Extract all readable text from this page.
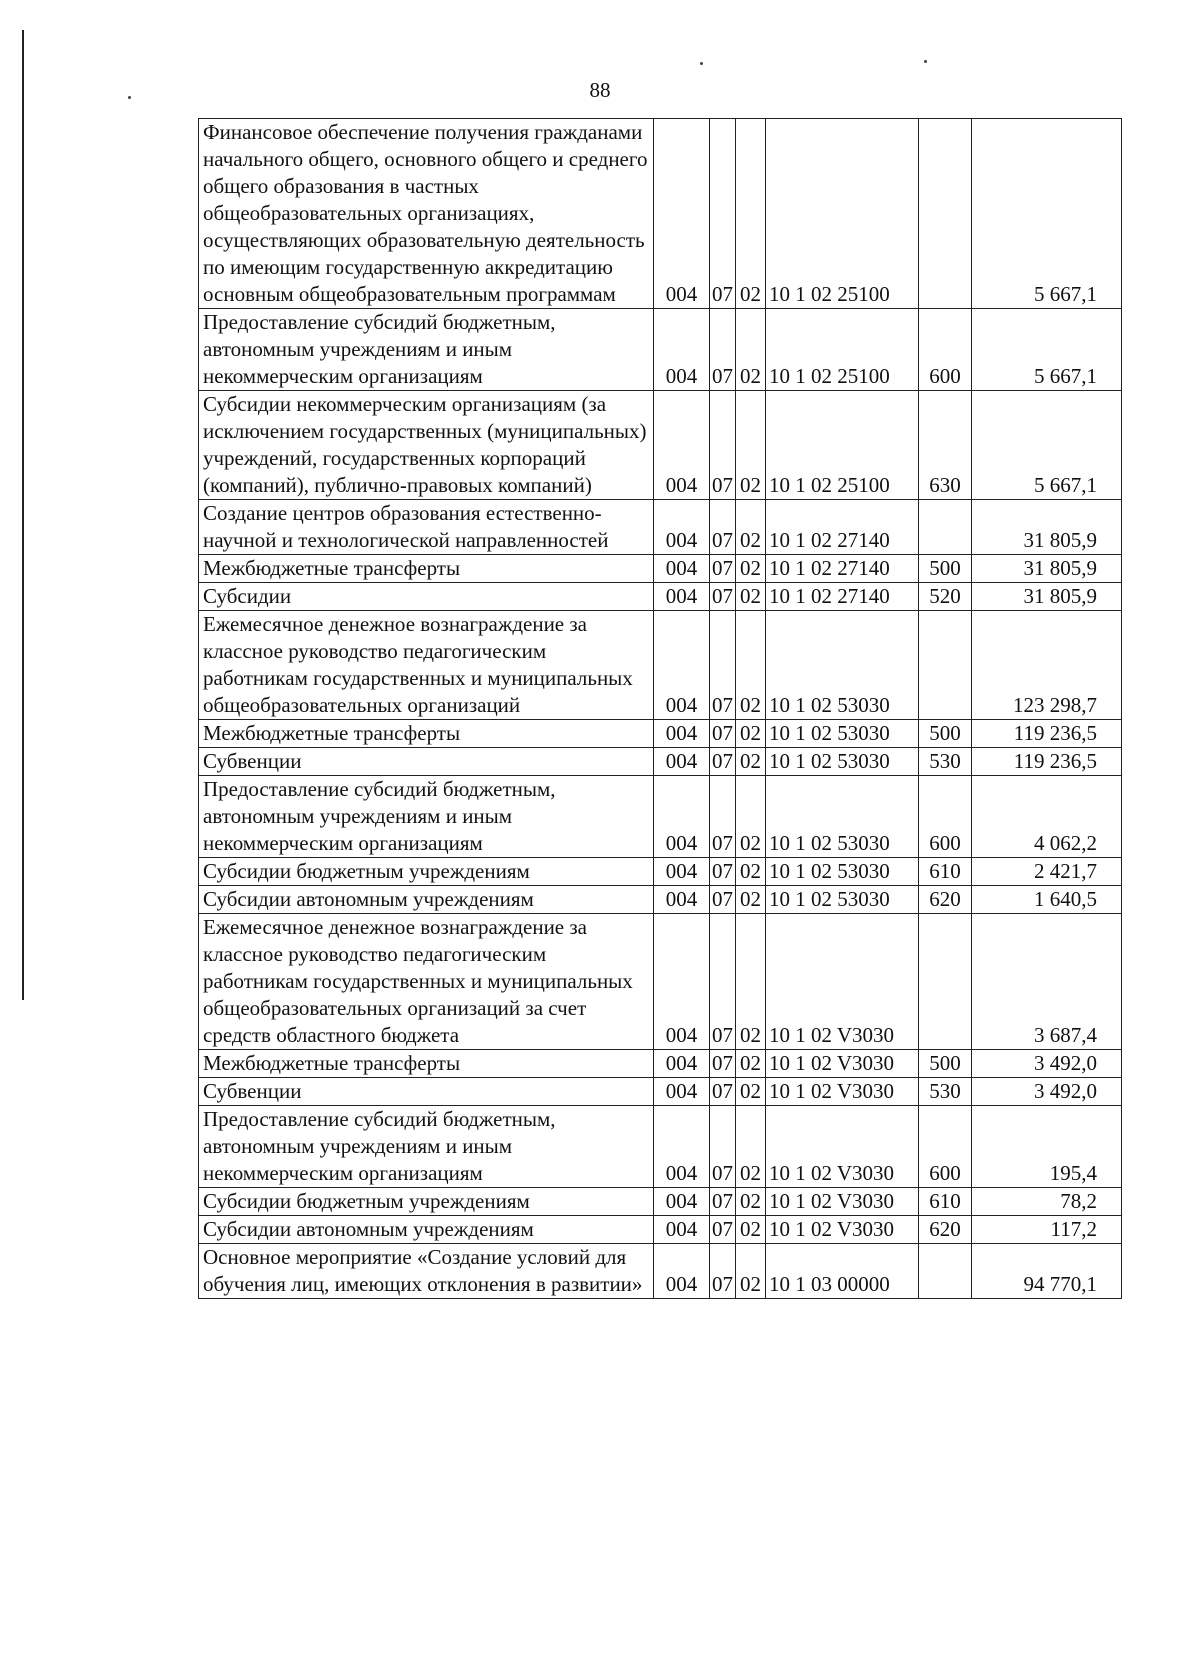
88
Финансовое обеспечение получения гражданами начального общего, основного общего и среднего общего образования в частных общеобразовательных организациях, осуществляющих образовательную деятельность по имеющим государственную аккредитацию основным общеобразовательным программам	004	07	02	10 1 02 25100		5 667,1
Предоставление субсидий бюджетным, автономным учреждениям и иным некоммерческим организациям	004	07	02	10 1 02 25100	600	5 667,1
Субсидии некоммерческим организациям (за исключением государственных (муниципальных) учреждений, государственных корпораций (компаний), публично-правовых компаний)	004	07	02	10 1 02 25100	630	5 667,1
Создание центров образования естественно-научной и технологической направленностей	004	07	02	10 1 02 27140		31 805,9
Межбюджетные трансферты	004	07	02	10 1 02 27140	500	31 805,9
Субсидии	004	07	02	10 1 02 27140	520	31 805,9
Ежемесячное денежное вознаграждение за классное руководство педагогическим работникам государственных и муниципальных общеобразовательных организаций	004	07	02	10 1 02 53030		123 298,7
Межбюджетные трансферты	004	07	02	10 1 02 53030	500	119 236,5
Субвенции	004	07	02	10 1 02 53030	530	119 236,5
Предоставление субсидий бюджетным, автономным учреждениям и иным некоммерческим организациям	004	07	02	10 1 02 53030	600	4 062,2
Субсидии бюджетным учреждениям	004	07	02	10 1 02 53030	610	2 421,7
Субсидии автономным учреждениям	004	07	02	10 1 02 53030	620	1 640,5
Ежемесячное денежное вознаграждение за классное руководство педагогическим работникам государственных и муниципальных общеобразовательных организаций за счет средств областного бюджета	004	07	02	10 1 02 V3030		3 687,4
Межбюджетные трансферты	004	07	02	10 1 02 V3030	500	3 492,0
Субвенции	004	07	02	10 1 02 V3030	530	3 492,0
Предоставление субсидий бюджетным, автономным учреждениям и иным некоммерческим организациям	004	07	02	10 1 02 V3030	600	195,4
Субсидии бюджетным учреждениям	004	07	02	10 1 02 V3030	610	78,2
Субсидии автономным учреждениям	004	07	02	10 1 02 V3030	620	117,2
Основное мероприятие «Создание условий для обучения лиц, имеющих отклонения в развитии»	004	07	02	10 1 03 00000		94 770,1
